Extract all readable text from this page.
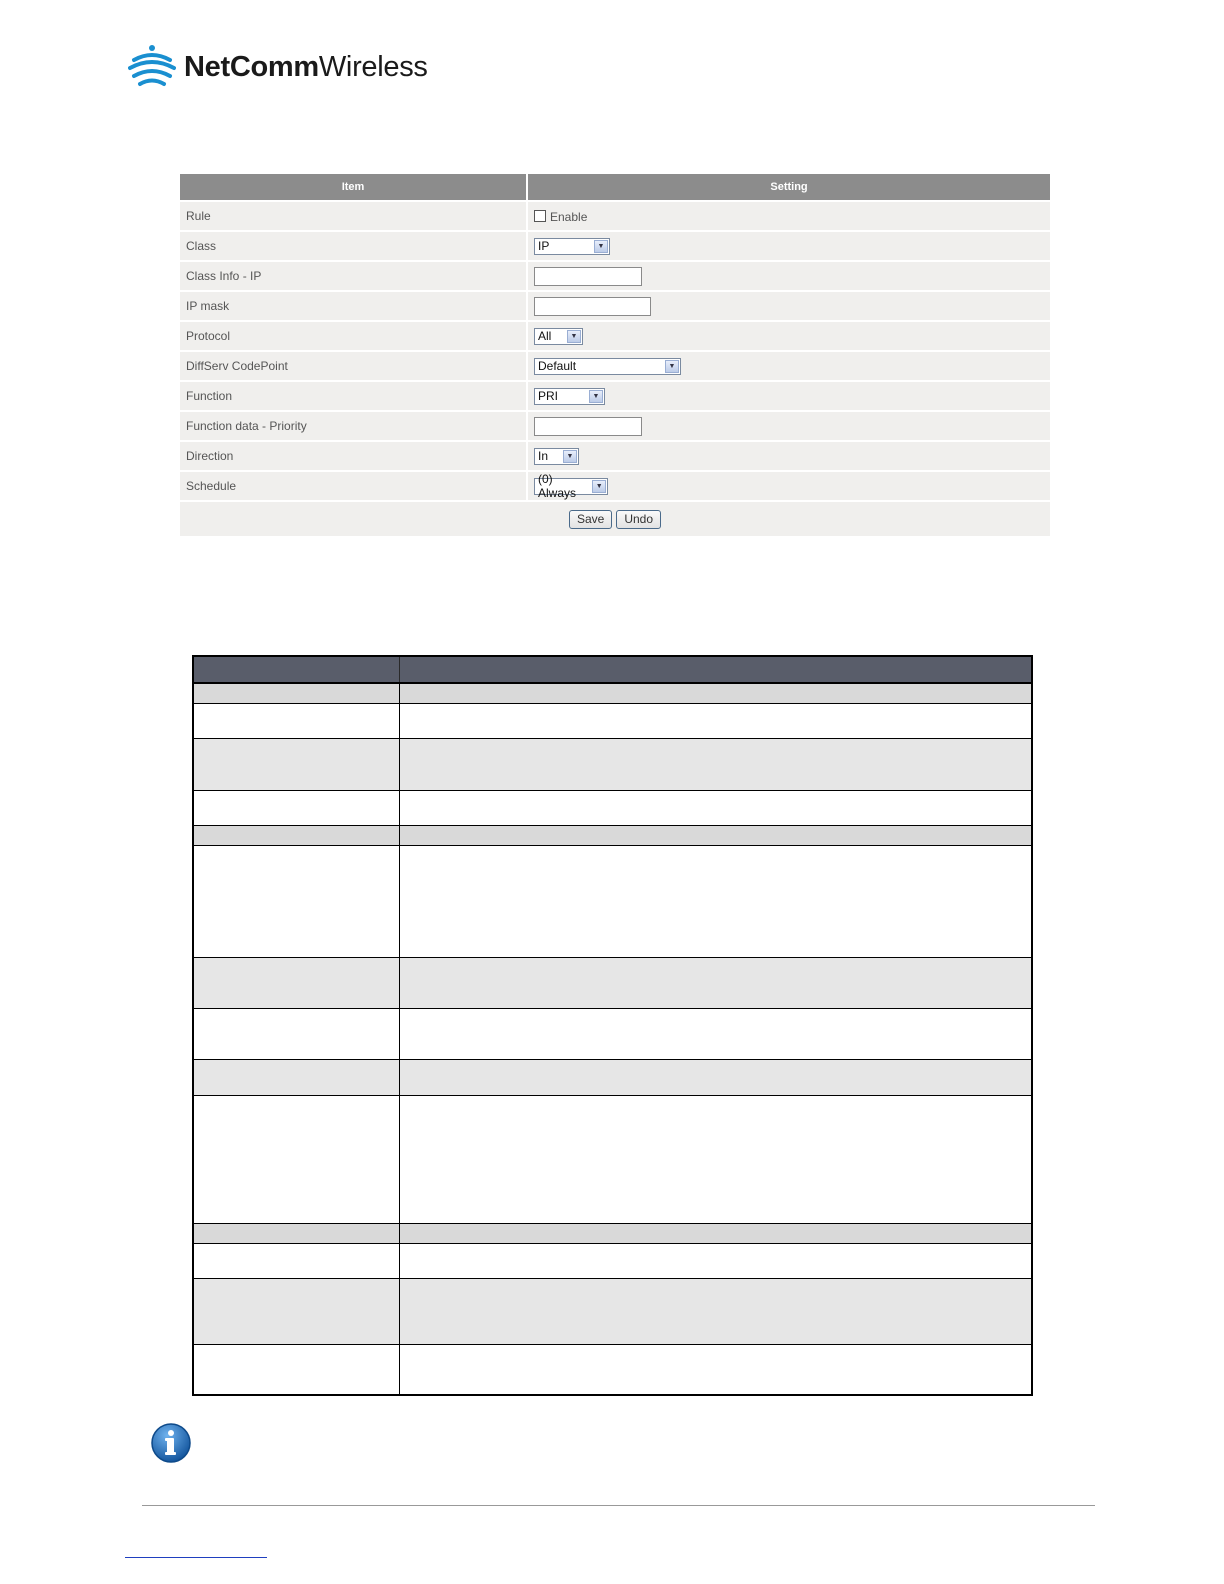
NetCommWireless
Item	Setting
Rule	Enable
Class	IP ▼

Class Info - IP	
IP mask	
Protocol	All ▼

DiffServ CodePoint	Default ▼

Function	PRI ▼

Function data - Priority	
Direction	In ▼

Schedule	(0) Always ▼

Save Undo	
